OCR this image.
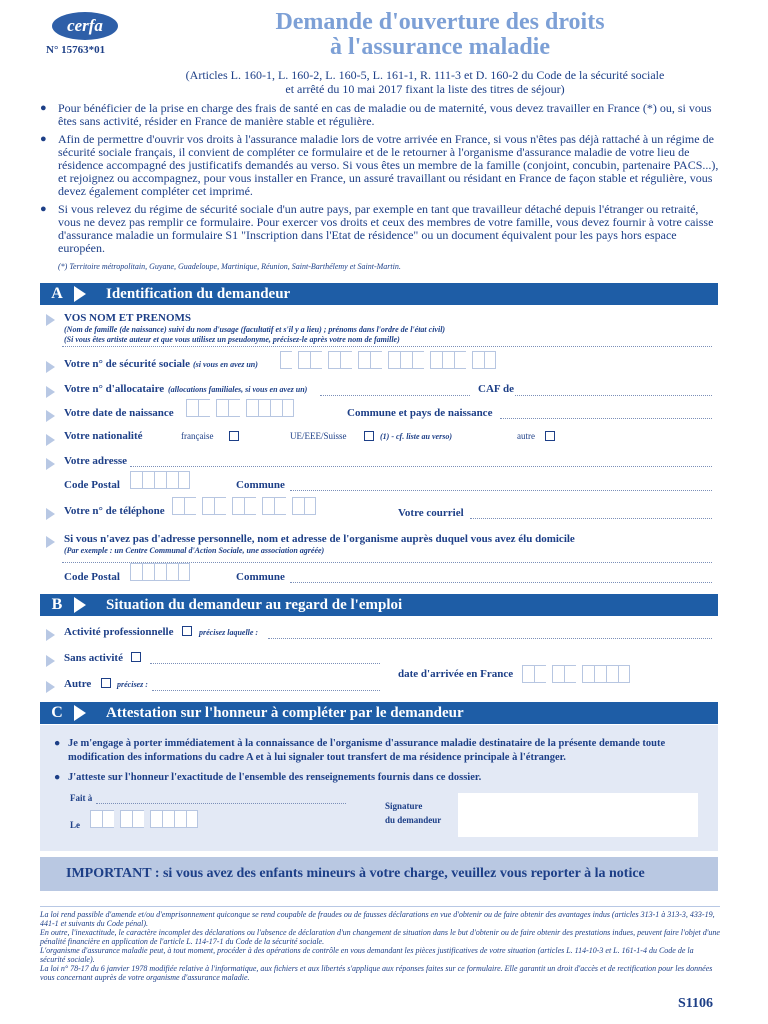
cerfa
N° 15763*01
Demande d'ouverture des droits
à l'assurance maladie
(Articles L. 160-1, L. 160-2, L. 160-5, L. 161-1, R. 111-3 et D. 160-2 du Code de la sécurité sociale
et arrêté du 10 mai 2017 fixant la liste des titres de séjour)

● Pour bénéficier de la prise en charge des frais de santé en cas de maladie ou de maternité, vous devez travailler en France (*) ou, si vous êtes sans activité, résider en France de manière stable et régulière.

● Afin de permettre d'ouvrir vos droits à l'assurance maladie lors de votre arrivée en France, si vous n'êtes pas déjà rattaché à un régime de sécurité sociale français, il convient de compléter ce formulaire et de le retourner à l'organisme d'assurance maladie de votre lieu de résidence accompagné des justificatifs demandés au verso. Si vous êtes un membre de la famille (conjoint, concubin, partenaire PACS...), et rejoignez ou accompagnez, pour vous installer en France, un assuré travaillant ou résidant en France de façon stable et régulière, vous devez également compléter cet imprimé.

● Si vous relevez du régime de sécurité sociale d'un autre pays, par exemple en tant que travailleur détaché depuis l'étranger ou retraité, vous ne devez pas remplir ce formulaire. Pour exercer vos droits et ceux des membres de votre famille, vous devez fournir à votre caisse d'assurance maladie un formulaire S1 "Inscription dans l'Etat de résidence" ou un document équivalent pour les pays hors espace européen.

(*) Territoire métropolitain, Guyane, Guadeloupe, Martinique, Réunion, Saint-Barthélemy et Saint-Martin.
A	Identification du demandeur
VOS NOM ET PRENOMS
(Nom de famille (de naissance) suivi du nom d'usage (facultatif et s'il y a lieu) ; prénoms dans l'ordre de l'état civil)
(Si vous êtes artiste auteur et que vous utilisez un pseudonyme, précisez-le après votre nom de famille)
Votre n° de sécurité sociale (si vous en avez un)
Votre n° d'allocataire (allocations familiales, si vous en avez un)	CAF de
Votre date de naissance	Commune et pays de naissance
Votre nationalité	française	UE/EEE/Suisse	(1) - cf. liste au verso)	autre
Votre adresse
Code Postal	Commune
Votre n° de téléphone	Votre courriel
Si vous n'avez pas d'adresse personnelle, nom et adresse de l'organisme auprès duquel vous avez élu domicile
(Par exemple : un Centre Communal d'Action Sociale, une association agréée)
Code Postal	Commune
B	Situation du demandeur au regard de l'emploi
Activité professionnelle	précisez laquelle :
Sans activité
date d'arrivée en France
Autre	précisez :
C	Attestation sur l'honneur à compléter par le demandeur
● Je m'engage à porter immédiatement à la connaissance de l'organisme d'assurance maladie destinataire de la présente demande toute modification des informations du cadre A et à lui signaler tout transfert de ma résidence principale à l'étranger.
● J'atteste sur l'honneur l'exactitude de l'ensemble des renseignements fournis dans ce dossier.
Fait à
Le
Signature
du demandeur
IMPORTANT : si vous avez des enfants mineurs à votre charge, veuillez vous reporter à la notice
La loi rend passible d'amende et/ou d'emprisonnement quiconque se rend coupable de fraudes ou de fausses déclarations en vue d'obtenir ou de faire obtenir des avantages indus (articles 313-1 à 313-3, 433-19, 441-1 et suivants du Code pénal).
En outre, l'inexactitude, le caractère incomplet des déclarations ou l'absence de déclaration d'un changement de situation dans le but d'obtenir ou de faire obtenir des prestations indues, peuvent faire l'objet d'une pénalité financière en application de l'article L. 114-17-1 du Code de la sécurité sociale.
L'organisme d'assurance maladie peut, à tout moment, procéder à des opérations de contrôle en vous demandant les pièces justificatives de votre situation (articles L. 114-10-3 et L. 161-1-4 du Code de la sécurité sociale).
La loi n° 78-17 du 6 janvier 1978 modifiée relative à l'informatique, aux fichiers et aux libertés s'applique aux réponses faites sur ce formulaire. Elle garantit un droit d'accès et de rectification pour les données vous concernant auprès de votre organisme d'assurance maladie.
S1106
